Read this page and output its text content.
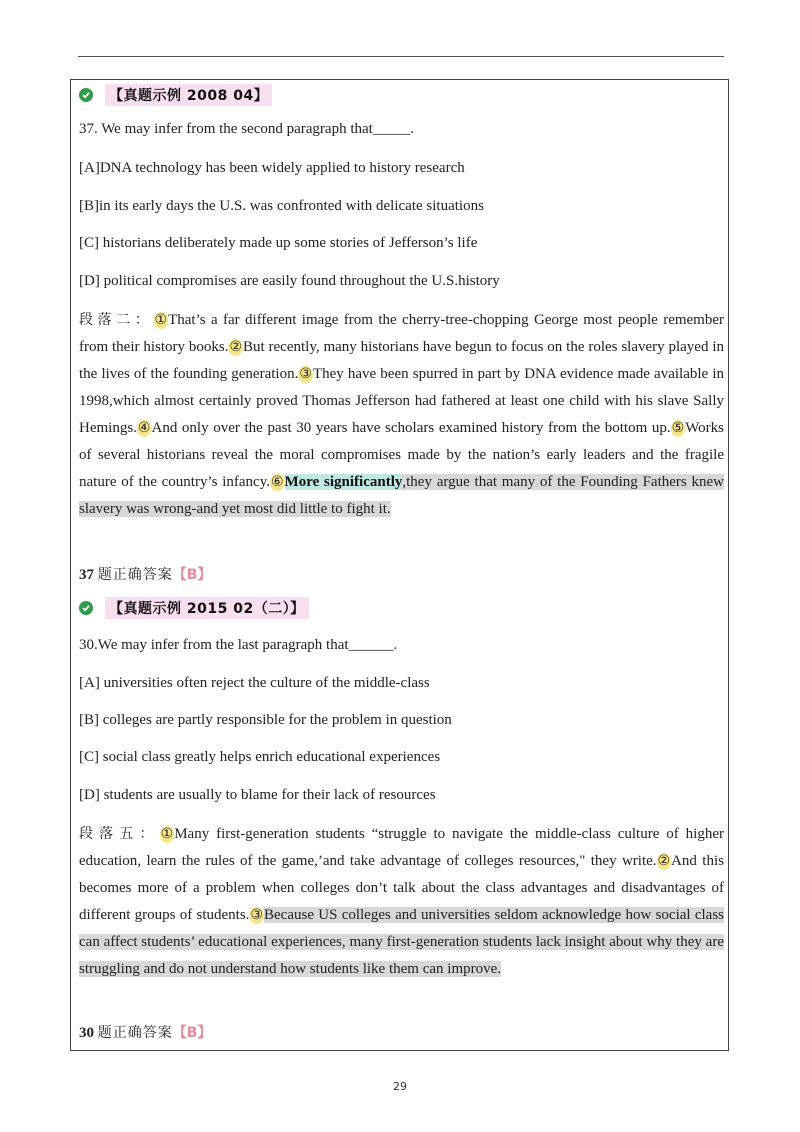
【真题示例 2008 04】
37. We may infer from the second paragraph that_____.
[A]DNA technology has been widely applied to history research
[B]in its early days the U.S. was confronted with delicate situations
[C] historians deliberately made up some stories of Jefferson’s life
[D] political compromises are easily found throughout the U.S.history
段落二：①That’s a far different image from the cherry-tree-chopping George most people remember from their history books.②But recently, many historians have begun to focus on the roles slavery played in the lives of the founding generation.③They have been spurred in part by DNA evidence made available in 1998,which almost certainly proved Thomas Jefferson had fathered at least one child with his slave Sally Hemings.④And only over the past 30 years have scholars examined history from the bottom up.⑤Works of several historians reveal the moral compromises made by the nation’s early leaders and the fragile nature of the country’s infancy.⑥More significantly,they argue that many of the Founding Fathers knew slavery was wrong-and yet most did little to fight it.
37 题正确答案【B】
【真题示例 2015 02（二）】
30.We may infer from the last paragraph that______.
[A] universities often reject the culture of the middle-class
[B] colleges are partly responsible for the problem in question
[C] social class greatly helps enrich educational experiences
[D] students are usually to blame for their lack of resources
段落五：①Many first-generation students “struggle to navigate the middle-class culture of higher education, learn the rules of the game,’and take advantage of colleges resources," they write.②And this becomes more of a problem when colleges don’t talk about the class advantages and disadvantages of different groups of students.③Because US colleges and universities seldom acknowledge how social class can affect students’ educational experiences, many first-generation students lack insight about why they are struggling and do not understand how students like them can improve.
30 题正确答案【B】
29
